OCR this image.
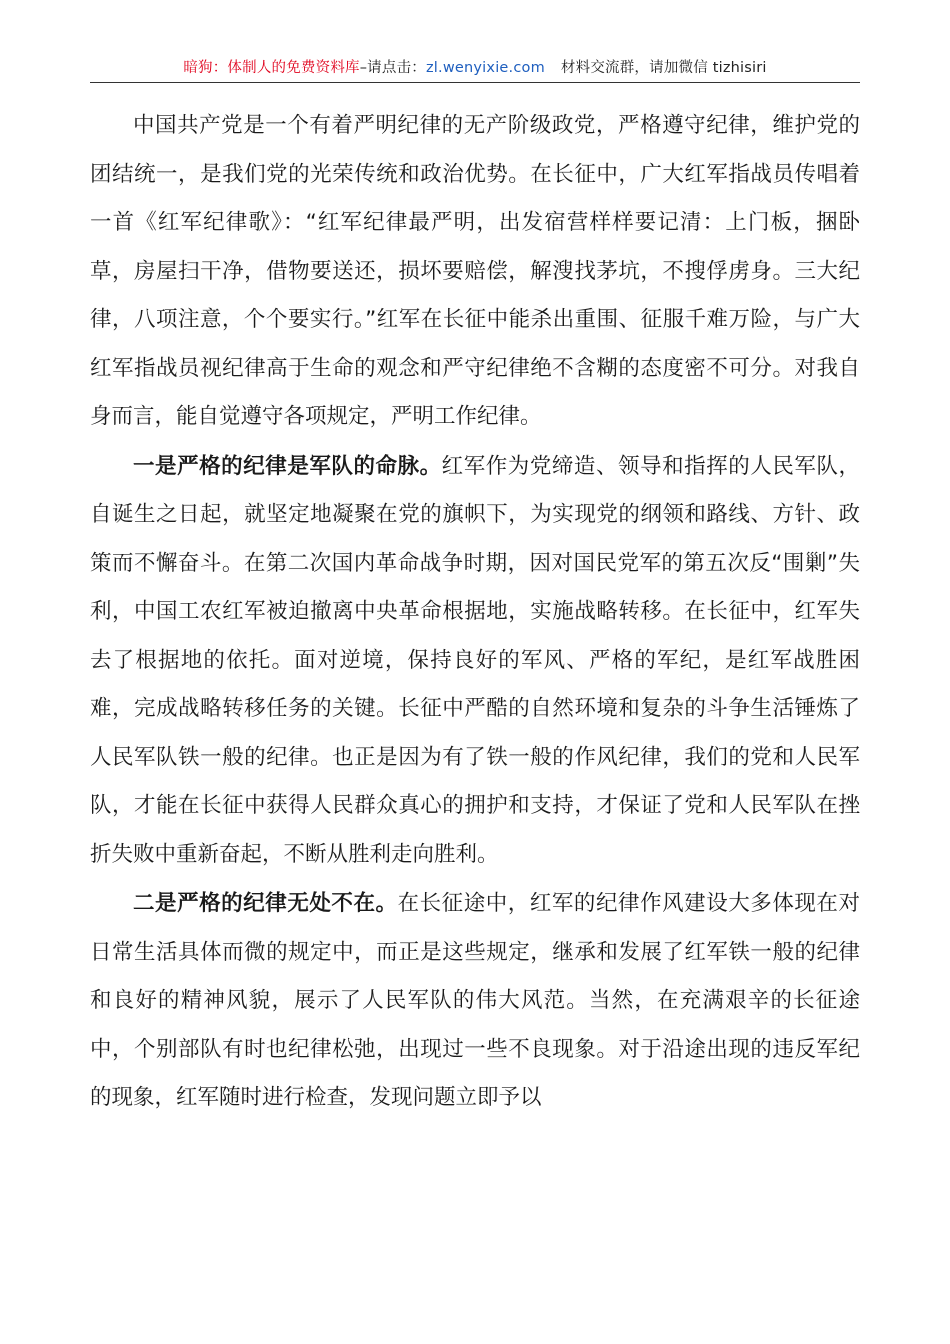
暗狗：体制人的免费资料库–请点击：zl.wenyixie.com 材料交流群，请加微信 tizhisiri

中国共产党是一个有着严明纪律的无产阶级政党，严格遵守纪律，维护党的团结统一，是我们党的光荣传统和政治优势。在长征中，广大红军指战员传唱着一首《红军纪律歌》：“红军纪律最严明，出发宿营样样要记清：上门板，捆卧草，房屋扫干净，借物要送还，损坏要赔偿，解溲找茅坑，不搜俘虏身。三大纪律，八项注意，个个要实行。”红军在长征中能杀出重围、征服千难万险，与广大红军指战员视纪律高于生命的观念和严守纪律绝不含糊的态度密不可分。对我自身而言，能自觉遵守各项规定，严明工作纪律。

一是严格的纪律是军队的命脉。红军作为党缔造、领导和指挥的人民军队，自诞生之日起，就坚定地凝聚在党的旗帜下，为实现党的纲领和路线、方针、政策而不懈奋斗。在第二次国内革命战争时期，因对国民党军的第五次反“围剿”失利，中国工农红军被迫撤离中央革命根据地，实施战略转移。在长征中，红军失去了根据地的依托。面对逆境，保持良好的军风、严格的军纪，是红军战胜困难，完成战略转移任务的关键。长征中严酷的自然环境和复杂的斗争生活锤炼了人民军队铁一般的纪律。也正是因为有了铁一般的作风纪律，我们的党和人民军队，才能在长征中获得人民群众真心的拥护和支持，才保证了党和人民军队在挫折失败中重新奋起，不断从胜利走向胜利。

二是严格的纪律无处不在。在长征途中，红军的纪律作风建设大多体现在对日常生活具体而微的规定中，而正是这些规定，继承和发展了红军铁一般的纪律和良好的精神风貌，展示了人民军队的伟大风范。当然，在充满艰辛的长征途中，个别部队有时也纪律松弛，出现过一些不良现象。对于沿途出现的违反军纪的现象，红军随时进行检查，发现问题立即予以
